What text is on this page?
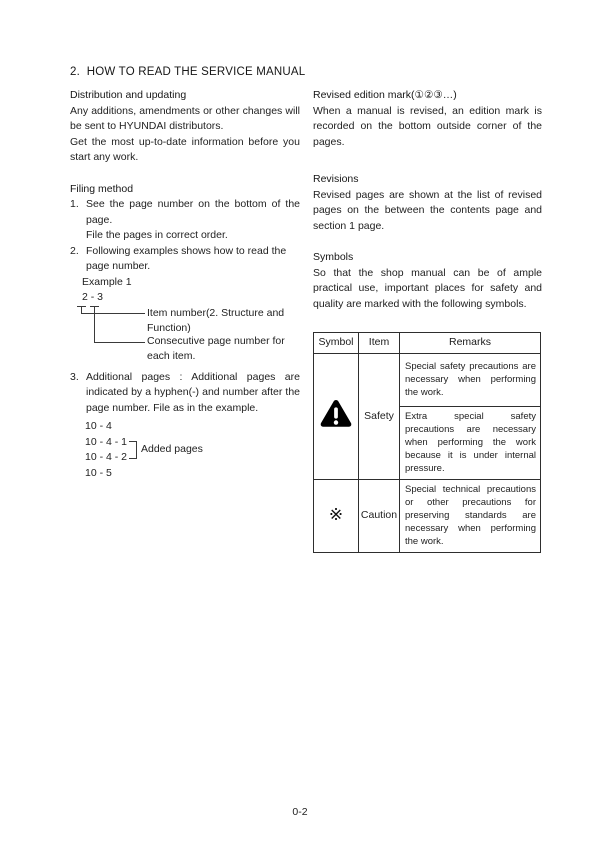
2.  HOW TO READ THE SERVICE MANUAL
Distribution and updating

Any additions, amendments or other changes will be sent to HYUNDAI distributors.

Get the most up-to-date information before you start any work.

Filing method
1. See the page number on the bottom of the page.

File the pages in correct order.
2. Following examples shows how to read the
page number.
Example 1
2 - 3
Item number(2. Structure and Function)
Consecutive page number for each item.
3. Additional pages : Additional pages are indicated by a hyphen(-) and number after the page number. File as in the example.

10 - 4
10 - 4 - 1
10 - 4 - 2
10 - 5
Added pages
Revised edition mark(①②③…)

When a manual is revised, an edition mark is recorded on the bottom outside corner of the pages.

Revisions

Revised pages are shown at the list of revised pages on the between the contents page and section 1 page.

Symbols

So that the shop manual can be of ample practical use, important places for safety and quality are marked with the following symbols.

Symbol	Item	Remarks
	Safety	Special safety precautions are necessary when performing the work.
		Extra special safety precautions are necessary when performing the work because it is under internal pressure.
※	Caution	Special technical precautions or other precautions for preserving standards are necessary when performing the work.
0-2
